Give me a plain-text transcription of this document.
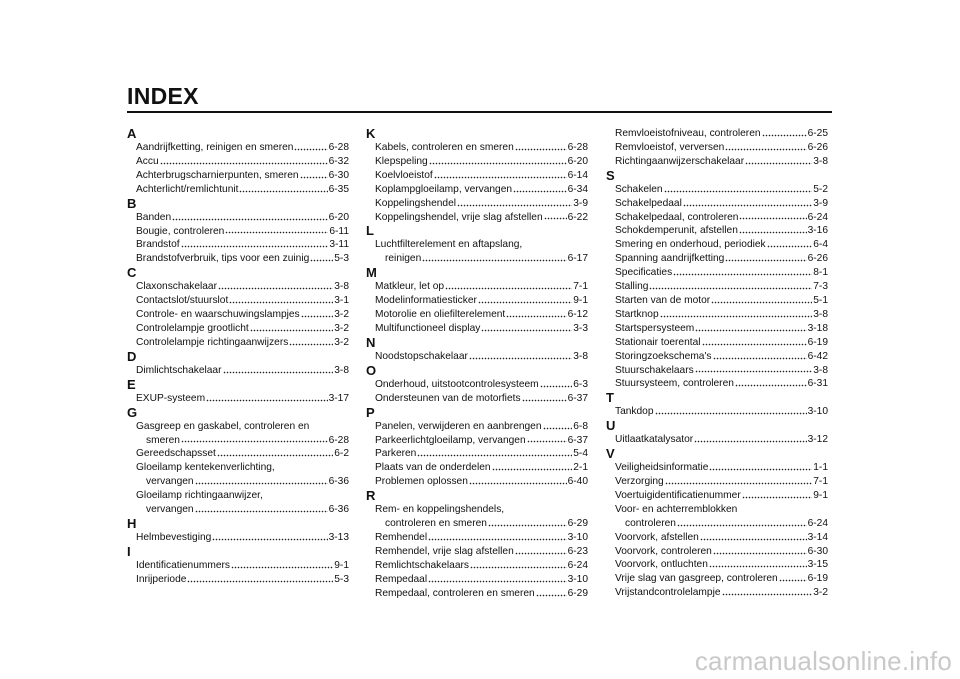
INDEX
A
Aandrijfketting, reinigen en smeren	6-28
Accu	6-32
Achterbrugscharnierpunten, smeren	6-30
Achterlicht/remlichtunit	6-35
B
Banden	6-20
Bougie, controleren	6-11
Brandstof	3-11
Brandstofverbruik, tips voor een zuinig 5-3
C
Claxonschakelaar	3-8
Contactslot/stuurslot	3-1
Controle- en waarschuwingslampjes	3-2
Controlelampje grootlicht	3-2
Controlelampje richtingaanwijzers	3-2
D
Dimlichtschakelaar	3-8
E
EXUP-systeem	3-17
G
Gasgreep en gaskabel, controleren en
smeren	6-28
Gereedschapsset	6-2
Gloeilamp kentekenverlichting,
vervangen	6-36
Gloeilamp richtingaanwijzer,
vervangen	6-36
H
Helmbevestiging	3-13
I
Identificatienummers	9-1
Inrijperiode	5-3
K
Kabels, controleren en smeren	6-28
Klepspeling	6-20
Koelvloeistof	6-14
Koplampgloeilamp, vervangen	6-34
Koppelingshendel	3-9
Koppelingshendel, vrije slag afstellen 6-22
L
Luchtfilterelement en aftapslang,
reinigen	6-17
M
Matkleur, let op	7-1
Modelinformatiesticker	9-1
Motorolie en oliefilterelement	6-12
Multifunctioneel display	3-3
N
Noodstopschakelaar	3-8
O
Onderhoud, uitstootcontrolesysteem	6-3
Ondersteunen van de motorfiets	6-37
P
Panelen, verwijderen en aanbrengen	6-8
Parkeerlichtgloeilamp, vervangen	6-37
Parkeren	5-4
Plaats van de onderdelen	2-1
Problemen oplossen	6-40
R
Rem- en koppelingshendels,
controleren en smeren	6-29
Remhendel	3-10
Remhendel, vrije slag afstellen	6-23
Remlichtschakelaars	6-24
Rempedaal	3-10
Rempedaal, controleren en smeren	6-29
Remvloeistofniveau, controleren	6-25
Remvloeistof, verversen	6-26
Richtingaanwijzerschakelaar	3-8
S
Schakelen	5-2
Schakelpedaal	3-9
Schakelpedaal, controleren	6-24
Schokdemperunit, afstellen	3-16
Smering en onderhoud, periodiek	6-4
Spanning aandrijfketting	6-26
Specificaties	8-1
Stalling	7-3
Starten van de motor	5-1
Startknop	3-8
Startspersysteem	3-18
Stationair toerental	6-19
Storingzoekschema's	6-42
Stuurschakelaars	3-8
Stuursysteem, controleren	6-31
T
Tankdop	3-10
U
Uitlaatkatalysator	3-12
V
Veiligheidsinformatie	1-1
Verzorging	7-1
Voertuigidentificatienummer	9-1
Voor- en achterremblokken
controleren	6-24
Voorvork, afstellen	3-14
Voorvork, controleren	6-30
Voorvork, ontluchten	3-15
Vrije slag van gasgreep, controleren	6-19
Vrijstandcontrolelampje	3-2
carmanualsonline.info
